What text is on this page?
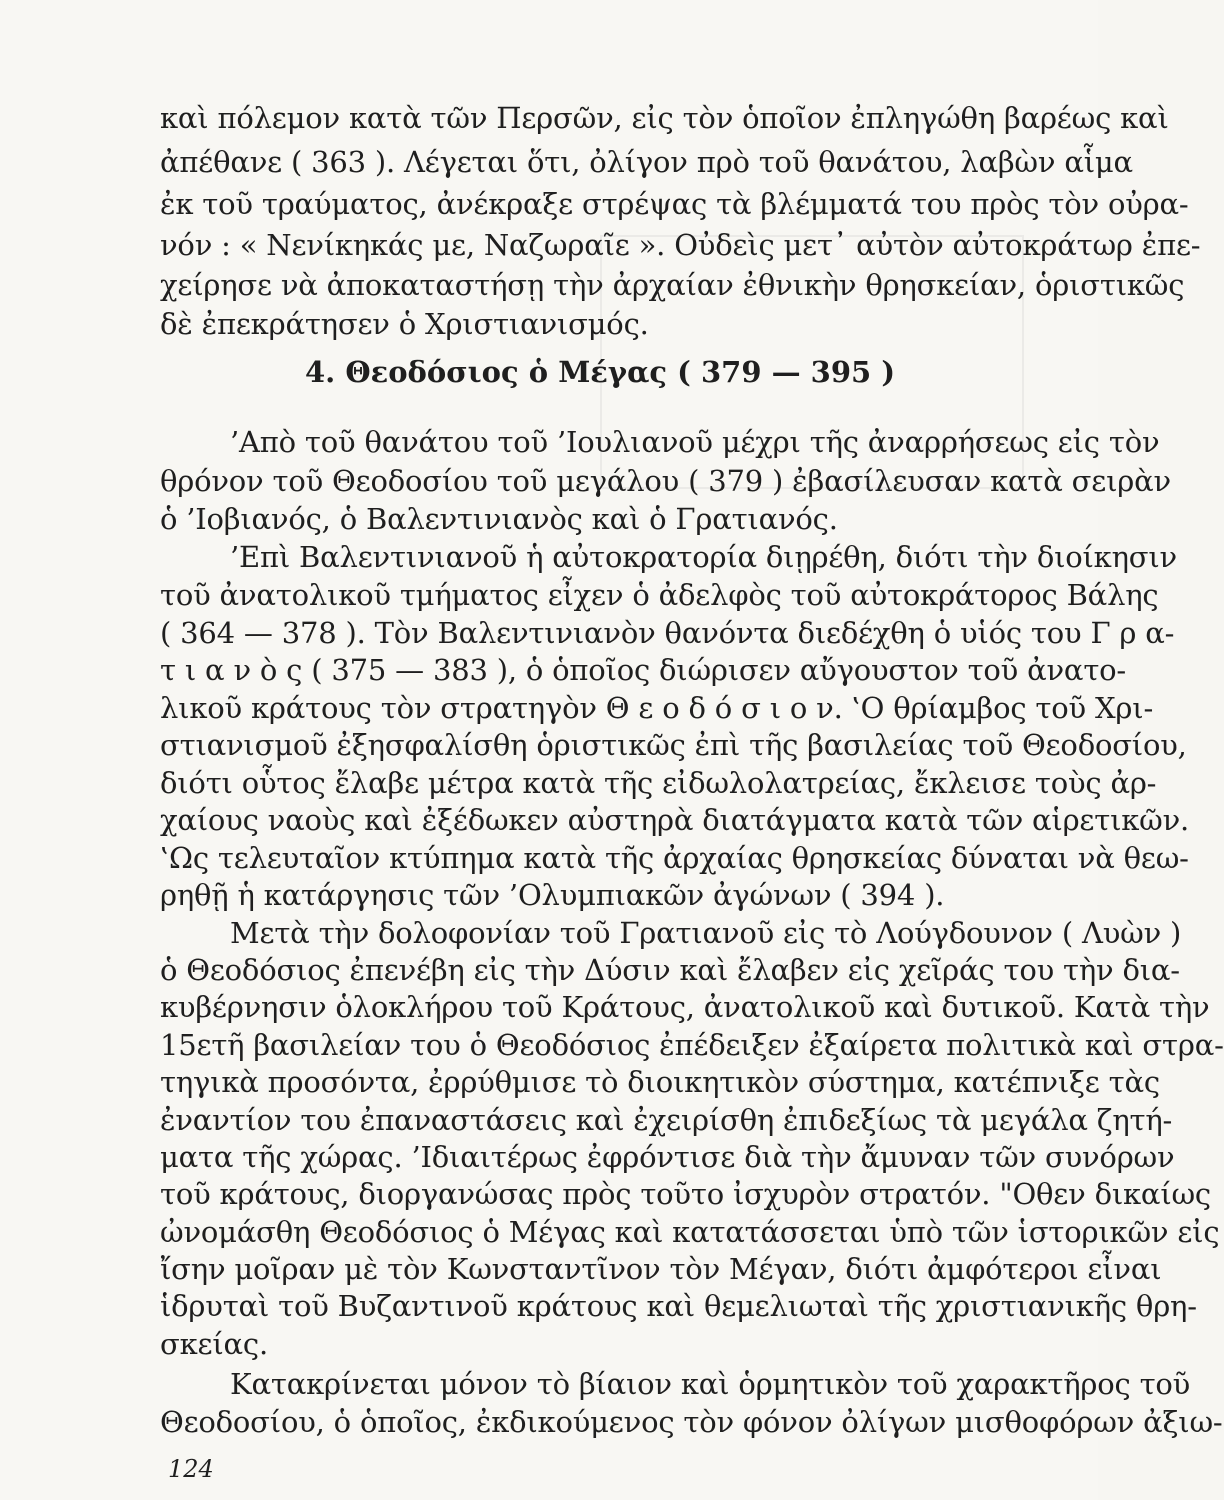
καὶ πόλεμον κατὰ τῶν Περσῶν, εἰς τὸν ὁποῖον ἐπληγώθη βαρέως καὶ
ἀπέθανε ( 363 ). Λέγεται ὅτι, ὀλίγον πρὸ τοῦ θανάτου, λαβὼν αἷμα
ἐκ τοῦ τραύματος, ἀνέκραξε στρέψας τὰ βλέμματά του πρὸς τὸν οὐρα-
νόν : « Νενίκηκάς με, Ναζωραῖε ». Οὐδεὶς μετ᾽ αὐτὸν αὐτοκράτωρ ἐπε-
χείρησε νὰ ἀποκαταστήσῃ τὴν ἀρχαίαν ἐθνικὴν θρησκείαν, ὁριστικῶς
δὲ ἐπεκράτησεν ὁ Χριστιανισμός.
4. Θεοδόσιος ὁ Μέγας ( 379 — 395 )
’Απὸ τοῦ θανάτου τοῦ ’Ιουλιανοῦ μέχρι τῆς ἀναρρήσεως εἰς τὸν
θρόνον τοῦ Θεοδοσίου τοῦ μεγάλου ( 379 ) ἐβασίλευσαν κατὰ σειρὰν
ὁ ’Ιοβιανός, ὁ Βαλεντινιανὸς καὶ ὁ Γρατιανός.
’Επὶ Βαλεντινιανοῦ ἡ αὐτοκρατορία διῃρέθη, διότι τὴν διοίκησιν
τοῦ ἀνατολικοῦ τμήματος εἶχεν ὁ ἀδελφὸς τοῦ αὐτοκράτορος Βάλης
( 364 — 378 ). Τὸν Βαλεντινιανὸν θανόντα διεδέχθη ὁ υἱός του Γ ρ α-
τ ι α ν ὸ ς ( 375 — 383 ), ὁ ὁποῖος διώρισεν αὔγουστον τοῦ ἀνατο-
λικοῦ κράτους τὸν στρατηγὸν Θ ε ο δ ό σ ι ο ν. ‛Ο θρίαμβος τοῦ Χρι-
στιανισμοῦ ἐξησφαλίσθη ὁριστικῶς ἐπὶ τῆς βασιλείας τοῦ Θεοδοσίου,
διότι οὗτος ἔλαβε μέτρα κατὰ τῆς εἰδωλολατρείας, ἔκλεισε τοὺς ἀρ-
χαίους ναοὺς καὶ ἐξέδωκεν αὐστηρὰ διατάγματα κατὰ τῶν αἱρετικῶν.
‛Ως τελευταῖον κτύπημα κατὰ τῆς ἀρχαίας θρησκείας δύναται νὰ θεω-
ρηθῇ ἡ κατάργησις τῶν ’Ολυμπιακῶν ἀγώνων ( 394 ).
Μετὰ τὴν δολοφονίαν τοῦ Γρατιανοῦ εἰς τὸ Λούγδουνον ( Λυὼν )
ὁ Θεοδόσιος ἐπενέβη εἰς τὴν Δύσιν καὶ ἔλαβεν εἰς χεῖράς του τὴν δια-
κυβέρνησιν ὁλοκλήρου τοῦ Κράτους, ἀνατολικοῦ καὶ δυτικοῦ. Κατὰ τὴν
15ετῆ βασιλείαν του ὁ Θεοδόσιος ἐπέδειξεν ἐξαίρετα πολιτικὰ καὶ στρα-
τηγικὰ προσόντα, ἐρρύθμισε τὸ διοικητικὸν σύστημα, κατέπνιξε τὰς
ἐναντίον του ἐπαναστάσεις καὶ ἐχειρίσθη ἐπιδεξίως τὰ μεγάλα ζητή-
ματα τῆς χώρας. ’Ιδιαιτέρως ἐφρόντισε διὰ τὴν ἄμυναν τῶν συνόρων
τοῦ κράτους, διοργανώσας πρὸς τοῦτο ἰσχυρὸν στρατόν. "Οθεν δικαίως
ὠνομάσθη Θεοδόσιος ὁ Μέγας καὶ κατατάσσεται ὑπὸ τῶν ἱστορικῶν εἰς
ἴσην μοῖραν μὲ τὸν Κωνσταντῖνον τὸν Μέγαν, διότι ἀμφότεροι εἶναι
ἱδρυταὶ τοῦ Βυζαντινοῦ κράτους καὶ θεμελιωταὶ τῆς χριστιανικῆς θρη-
σκείας.
Κατακρίνεται μόνον τὸ βίαιον καὶ ὁρμητικὸν τοῦ χαρακτῆρος τοῦ
Θεοδοσίου, ὁ ὁποῖος, ἐκδικούμενος τὸν φόνον ὀλίγων μισθοφόρων ἀξιω-
124
